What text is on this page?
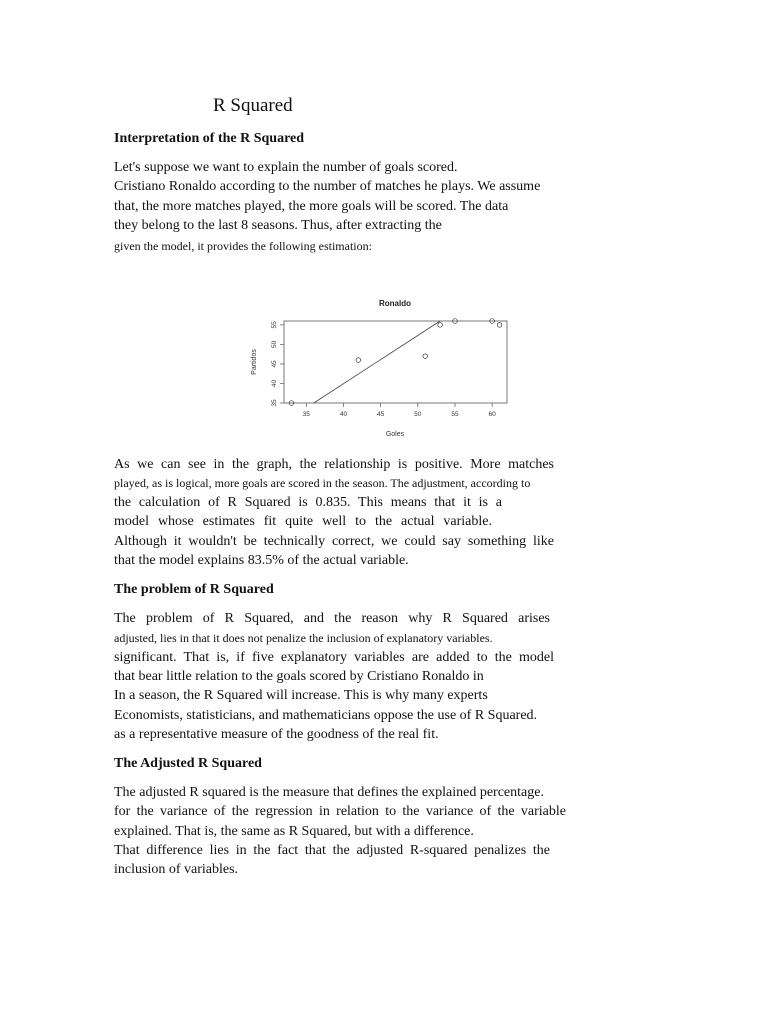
R Squared
Interpretation of the R Squared

Let's suppose we want to explain the number of goals scored.

Cristiano Ronaldo according to the number of matches he plays. We assume

that, the more matches played, the more goals will be scored. The data

they belong to the last 8 seasons. Thus, after extracting the

given the model, it provides the following estimation:

Ronaldo
35	40	45	50	55	60
35
40
45
50
55
Goles
Partidos

As we can see in the graph, the relationship is positive. More matches

played, as is logical, more goals are scored in the season. The adjustment, according to

the calculation of R Squared is 0.835. This means that it is a

model whose estimates fit quite well to the actual variable.

Although it wouldn't be technically correct, we could say something like

that the model explains 83.5% of the actual variable.

The problem of R Squared

The problem of R Squared, and the reason why R Squared arises

adjusted, lies in that it does not penalize the inclusion of explanatory variables.

significant. That is, if five explanatory variables are added to the model

that bear little relation to the goals scored by Cristiano Ronaldo in

In a season, the R Squared will increase. This is why many experts

Economists, statisticians, and mathematicians oppose the use of R Squared.

as a representative measure of the goodness of the real fit.

The Adjusted R Squared

The adjusted R squared is the measure that defines the explained percentage.

for the variance of the regression in relation to the variance of the variable

explained. That is, the same as R Squared, but with a difference.

That difference lies in the fact that the adjusted R-squared penalizes the

inclusion of variables.
